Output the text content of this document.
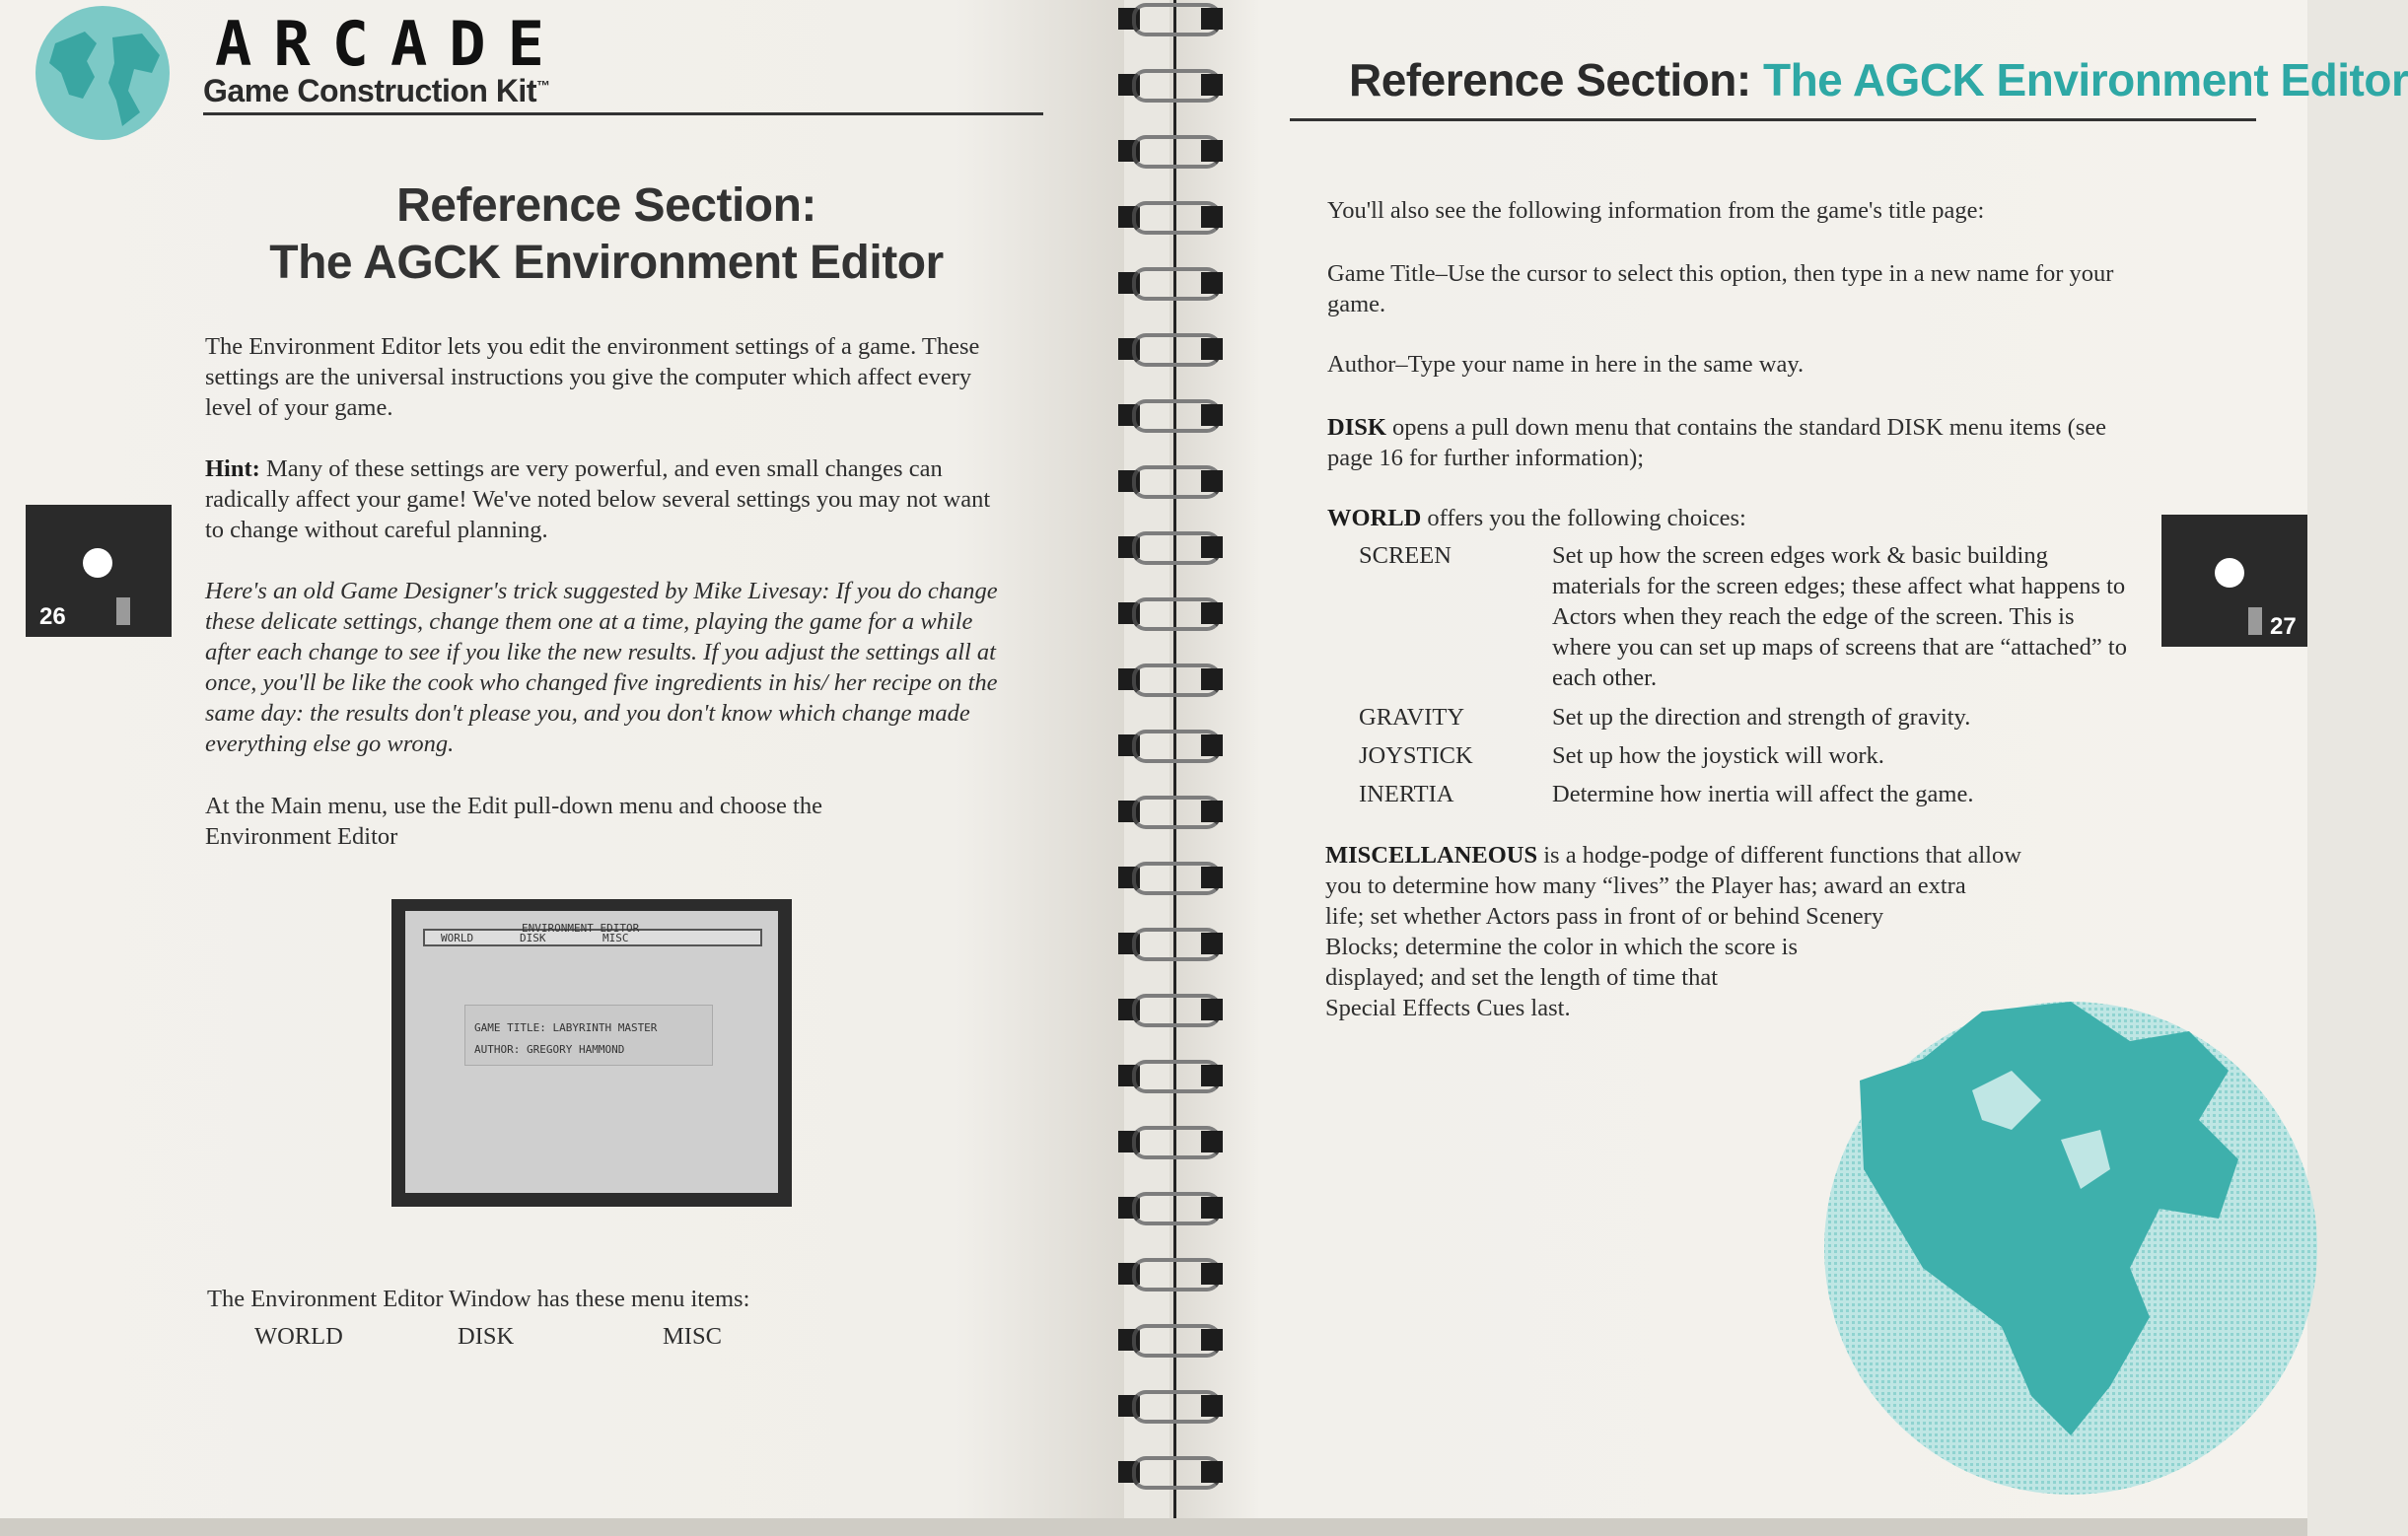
ARCADE
Game Construction Kit™
Reference Section:
The AGCK Environment Editor
The Environment Editor lets you edit the environment settings of a game. These settings are the universal instructions you give the computer which affect every level of your game.
Hint: Many of these settings are very powerful, and even small changes can radically affect your game! We've noted below several settings you may not want to change without careful planning.
Here's an old Game Designer's trick suggested by Mike Livesay: If you do change these delicate settings, change them one at a time, playing the game for a while after each change to see if you like the new results. If you adjust the settings all at once, you'll be like the cook who changed five ingredients in his/ her recipe on the same day: the results don't please you, and you don't know which change made everything else go wrong.
At the Main menu, use the Edit pull-down menu and choose the Environment Editor
26
ENVIRONMENT EDITOR
WORLD	DISK	MISC
GAME TITLE: LABYRINTH MASTER
AUTHOR: GREGORY HAMMOND
The Environment Editor Window has these menu items:
WORLD	DISK	MISC
Reference Section: The AGCK Environment Editor
You'll also see the following information from the game's title page:
Game Title–Use the cursor to select this option, then type in a new name for your game.
Author–Type your name in here in the same way.
DISK opens a pull down menu that contains the standard DISK menu items (see page 16 for further information);
WORLD offers you the following choices:
SCREEN	Set up how the screen edges work & basic building materials for the screen edges; these affect what happens to Actors when they reach the edge of the screen. This is where you can set up maps of screens that are “attached” to each other.
GRAVITY	Set up the direction and strength of gravity.
JOYSTICK	Set up how the joystick will work.
INERTIA	Determine how inertia will affect the game.
MISCELLANEOUS is a hodge-podge of different functions that allow
you to determine how many “lives” the Player has; award an extra
life; set whether Actors pass in front of or behind Scenery
Blocks; determine the color in which the score is
displayed; and set the length of time that
Special Effects Cues last.
27
